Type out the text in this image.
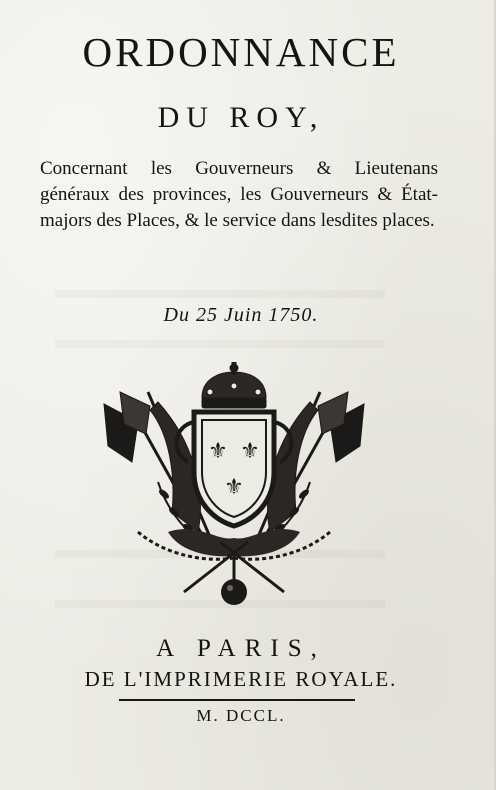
ORDONNANCE
DU ROY,
Concernant les Gouverneurs & Lieutenans généraux des provinces, les Gouverneurs & État-majors des Places, & le service dans lesdites places.
Du 25 Juin 1750.
⚜ ⚜
⚜
A PARIS,
DE L'IMPRIMERIE ROYALE.
M. DCCL.
